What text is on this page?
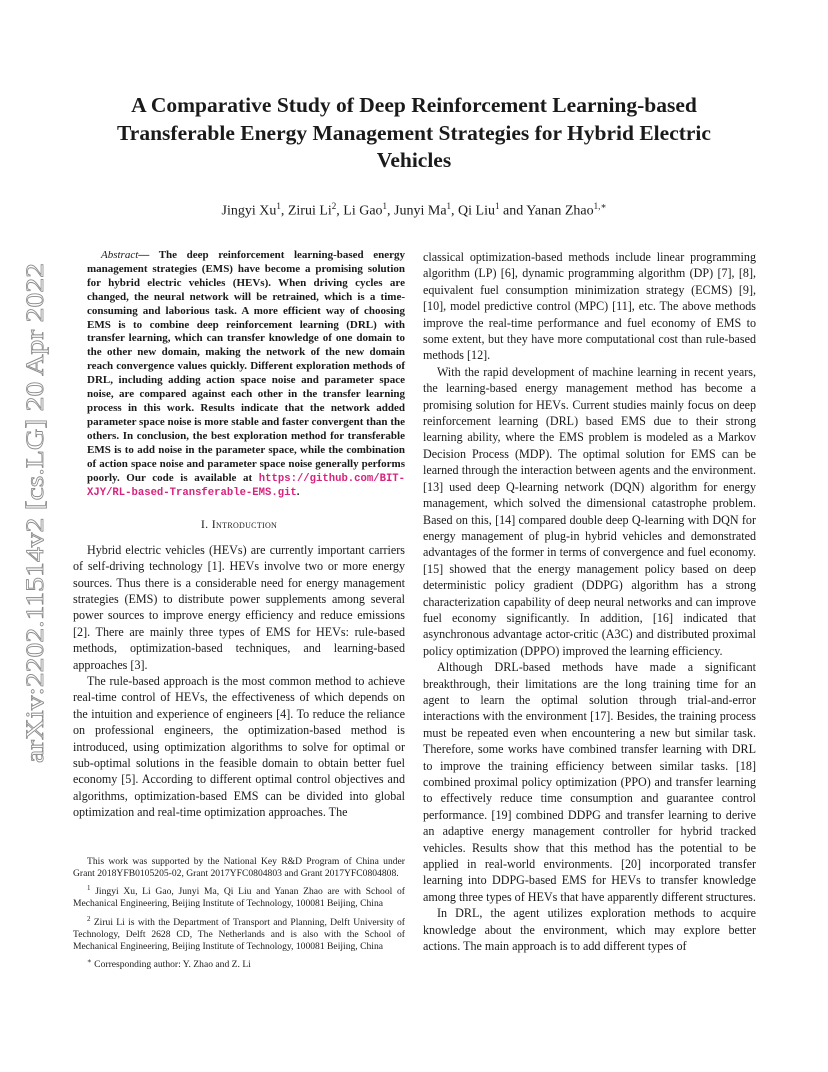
arXiv:2202.11514v2 [cs.LG] 20 Apr 2022
A Comparative Study of Deep Reinforcement Learning-based Transferable Energy Management Strategies for Hybrid Electric Vehicles
Jingyi Xu$^1$, Zirui Li$^2$, Li Gao$^1$, Junyi Ma$^1$, Qi Liu$^1$ and Yanan Zhao$^{1,∗}$

Abstract— The deep reinforcement learning-based energy management strategies (EMS) have become a promising solution for hybrid electric vehicles (HEVs). When driving cycles are changed, the neural network will be retrained, which is a time-consuming and laborious task. A more efficient way of choosing EMS is to combine deep reinforcement learning (DRL) with transfer learning, which can transfer knowledge of one domain to the other new domain, making the network of the new domain reach convergence values quickly. Different exploration methods of DRL, including adding action space noise and parameter space noise, are compared against each other in the transfer learning process in this work. Results indicate that the network added parameter space noise is more stable and faster convergent than the others. In conclusion, the best exploration method for transferable EMS is to add noise in the parameter space, while the combination of action space noise and parameter space noise generally performs poorly. Our code is available at https://github.com/BIT-XJY/RL-based-Transferable-EMS.git.

I. Introduction

Hybrid electric vehicles (HEVs) are currently important carriers of self-driving technology [1]. HEVs involve two or more energy sources. Thus there is a considerable need for energy management strategies (EMS) to distribute power supplements among several power sources to improve energy efficiency and reduce emissions [2]. There are mainly three types of EMS for HEVs: rule-based methods, optimization-based techniques, and learning-based approaches [3].

The rule-based approach is the most common method to achieve real-time control of HEVs, the effectiveness of which depends on the intuition and experience of engineers [4]. To reduce the reliance on professional engineers, the optimization-based method is introduced, using optimization algorithms to solve for optimal or sub-optimal solutions in the feasible domain to obtain better fuel economy [5]. According to different optimal control objectives and algorithms, optimization-based EMS can be divided into global optimization and real-time optimization approaches. The

This work was supported by the National Key R&D Program of China under Grant 2018YFB0105205-02, Grant 2017YFC0804803 and Grant 2017YFC0804808.

$^1$ Jingyi Xu, Li Gao, Junyi Ma, Qi Liu and Yanan Zhao are with School of Mechanical Engineering, Beijing Institute of Technology, 100081 Beijing, China

$^2$ Zirui Li is with the Department of Transport and Planning, Delft University of Technology, Delft 2628 CD, The Netherlands and is also with the School of Mechanical Engineering, Beijing Institute of Technology, 100081 Beijing, China

∗ Corresponding author: Y. Zhao and Z. Li

classical optimization-based methods include linear programming algorithm (LP) [6], dynamic programming algorithm (DP) [7], [8], equivalent fuel consumption minimization strategy (ECMS) [9], [10], model predictive control (MPC) [11], etc. The above methods improve the real-time performance and fuel economy of EMS to some extent, but they have more computational cost than rule-based methods [12].

With the rapid development of machine learning in recent years, the learning-based energy management method has become a promising solution for HEVs. Current studies mainly focus on deep reinforcement learning (DRL) based EMS due to their strong learning ability, where the EMS problem is modeled as a Markov Decision Process (MDP). The optimal solution for EMS can be learned through the interaction between agents and the environment. [13] used deep Q-learning network (DQN) algorithm for energy management, which solved the dimensional catastrophe problem. Based on this, [14] compared double deep Q-learning with DQN for energy management of plug-in hybrid vehicles and demonstrated advantages of the former in terms of convergence and fuel economy. [15] showed that the energy management policy based on deep deterministic policy gradient (DDPG) algorithm has a strong characterization capability of deep neural networks and can improve fuel economy significantly. In addition, [16] indicated that asynchronous advantage actor-critic (A3C) and distributed proximal policy optimization (DPPO) improved the learning efficiency.

Although DRL-based methods have made a significant breakthrough, their limitations are the long training time for an agent to learn the optimal solution through trial-and-error interactions with the environment [17]. Besides, the training process must be repeated even when encountering a new but similar task. Therefore, some works have combined transfer learning with DRL to improve the training efficiency between similar tasks. [18] combined proximal policy optimization (PPO) and transfer learning to effectively reduce time consumption and guarantee control performance. [19] combined DDPG and transfer learning to derive an adaptive energy management controller for hybrid tracked vehicles. Results show that this method has the potential to be applied in real-world environments. [20] incorporated transfer learning into DDPG-based EMS for HEVs to transfer knowledge among three types of HEVs that have apparently different structures.

In DRL, the agent utilizes exploration methods to acquire knowledge about the environment, which may explore better actions. The main approach is to add different types of
